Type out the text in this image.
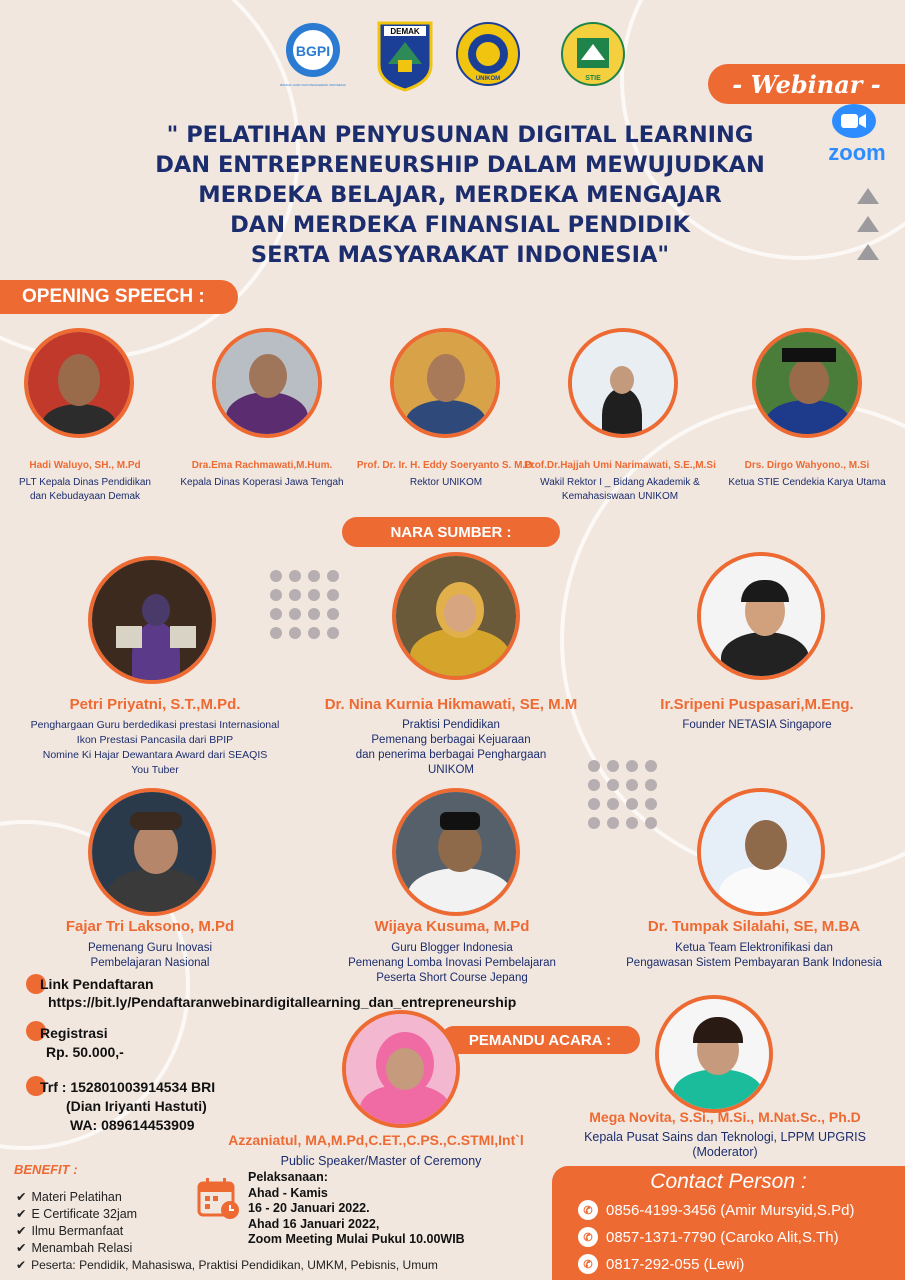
BGPI
BIDANG GURU DAN PENGGERAK INDONESIA
DEMAK
UNIKOM	STIE	- Webinar -
zoom
" PELATIHAN PENYUSUNAN DIGITAL LEARNING
DAN ENTREPRENEURSHIP DALAM MEWUJUDKAN
MERDEKA BELAJAR, MERDEKA MENGAJAR
DAN MERDEKA FINANSIAL PENDIDIK
SERTA MASYARAKAT INDONESIA"
OPENING SPEECH :
Hadi Waluyo, SH., M.Pd
PLT Kepala Dinas Pendidikan
dan Kebudayaan Demak
Dra.Ema Rachmawati,M.Hum.
Kepala Dinas Koperasi Jawa Tengah
Prof. Dr. Ir. H. Eddy Soeryanto S. M.D.
Rektor UNIKOM
Prof.Dr.Hajjah Umi Narimawati, S.E.,M.Si
Wakil Rektor I _ Bidang Akademik &
Kemahasiswaan UNIKOM
Drs. Dirgo Wahyono., M.Si
Ketua STIE Cendekia Karya Utama
NARA SUMBER :
Petri Priyatni, S.T.,M.Pd.
Penghargaan Guru berdedikasi prestasi Internasional
Ikon Prestasi Pancasila dari BPIP
Nomine Ki Hajar Dewantara Award dari SEAQIS
You Tuber
Dr. Nina Kurnia Hikmawati, SE, M.M
Praktisi Pendidikan
Pemenang berbagai Kejuaraan
dan penerima berbagai Penghargaan
UNIKOM
Ir.Sripeni Puspasari,M.Eng.
Founder NETASIA Singapore
Fajar Tri Laksono, M.Pd
Pemenang Guru Inovasi
Pembelajaran Nasional
Wijaya Kusuma, M.Pd
Guru Blogger Indonesia
Pemenang Lomba Inovasi Pembelajaran
Peserta Short Course Jepang
Dr. Tumpak Silalahi, SE, M.BA
Ketua Team Elektronifikasi dan
Pengawasan Sistem Pembayaran Bank Indonesia
Link Pendaftaran
https://bit.ly/Pendaftaranwebinardigitallearning_dan_entrepreneurship
Registrasi
Rp. 50.000,-
Trf : 152801003914534 BRI
(Dian Iriyanti Hastuti)
WA: 089614453909
PEMANDU ACARA :
Azzaniatul, MA,M.Pd,C.ET.,C.PS.,C.STMI,Int`l
Public Speaker/Master of Ceremony
Mega Novita, S.Si., M.Si., M.Nat.Sc., Ph.D
Kepala Pusat Sains dan Teknologi, LPPM UPGRIS
(Moderator)
BENEFIT :
✔ Materi Pelatihan
✔ E Certificate 32jam
✔ Ilmu Bermanfaat
✔ Menambah Relasi
✔ Peserta: Pendidik, Mahasiswa, Praktisi Pendidikan, UMKM, Pebisnis, Umum
Pelaksanaan:
Ahad - Kamis
16 - 20 Januari 2022.
Ahad 16 Januari 2022,
Zoom Meeting Mulai Pukul 10.00WIB
Contact Person :
✆ 0856-4199-3456 (Amir Mursyid,S.Pd)
✆ 0857-1371-7790 (Caroko Alit,S.Th)
✆ 0817-292-055 (Lewi)
